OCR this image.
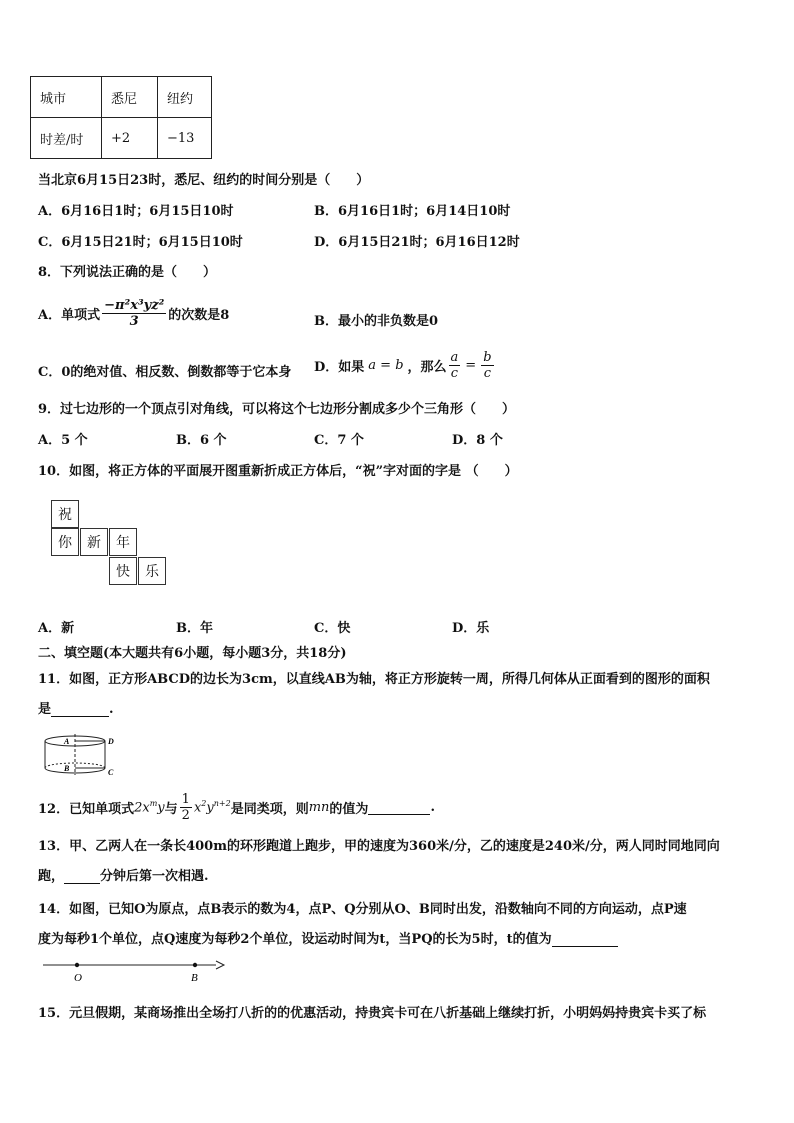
城市	悉尼	纽约
时差/时	+2	−13
当北京6月15日23时，悉尼、纽约的时间分别是（　　）
A．6月16日1时；6月15日10时	B．6月16日1时；6月14日10时
C．6月15日21时；6月15日10时	D．6月15日21时；6月16日12时
8．下列说法正确的是（　　）
A．单项式 $\frac{\text{−π²x³yz²}}{3}$ 的次数是8	B．最小的非负数是0
C．0的绝对值、相反数、倒数都等于它本身 D．如果 a = b ，那么 $\frac{a}{c} = \frac{b}{c}$
9．过七边形的一个顶点引对角线，可以将这个七边形分割成多少个三角形（　　）
A．5 个	B．6 个	C．7 个	D．8 个
10．如图，将正方体的平面展开图重新折成正方体后，“祝”字对面的字是 （　　）
祝
你	新	年
快	乐
A．新	B．年	C．快	D．乐
二、填空题(本大题共有6小题，每小题3分，共18分)
11．如图，正方形ABCD的边长为3cm，以直线AB为轴，将正方形旋转一周，所得几何体从正面看到的图形的面积
是	.
A	D
B	C
12．已知单项式 $2x^my$ 与 $\frac{1}{2} x^2y^{n+2}$ 是同类项，则 mn 的值为	.
13．甲、乙两人在一条长400m的环形跑道上跑步，甲的速度为360米/分，乙的速度是240米/分，两人同时同地同向
跑，	分钟后第一次相遇.
14．如图，已知O为原点，点B表示的数为4，点P、Q分别从O、B同时出发，沿数轴向不同的方向运动，点P速
度为每秒1个单位，点Q速度为每秒2个单位，设运动时间为t，当PQ的长为5时，t的值为
O	B
15．元旦假期，某商场推出全场打八折的的优惠活动，持贵宾卡可在八折基础上继续打折，小明妈妈持贵宾卡买了标
